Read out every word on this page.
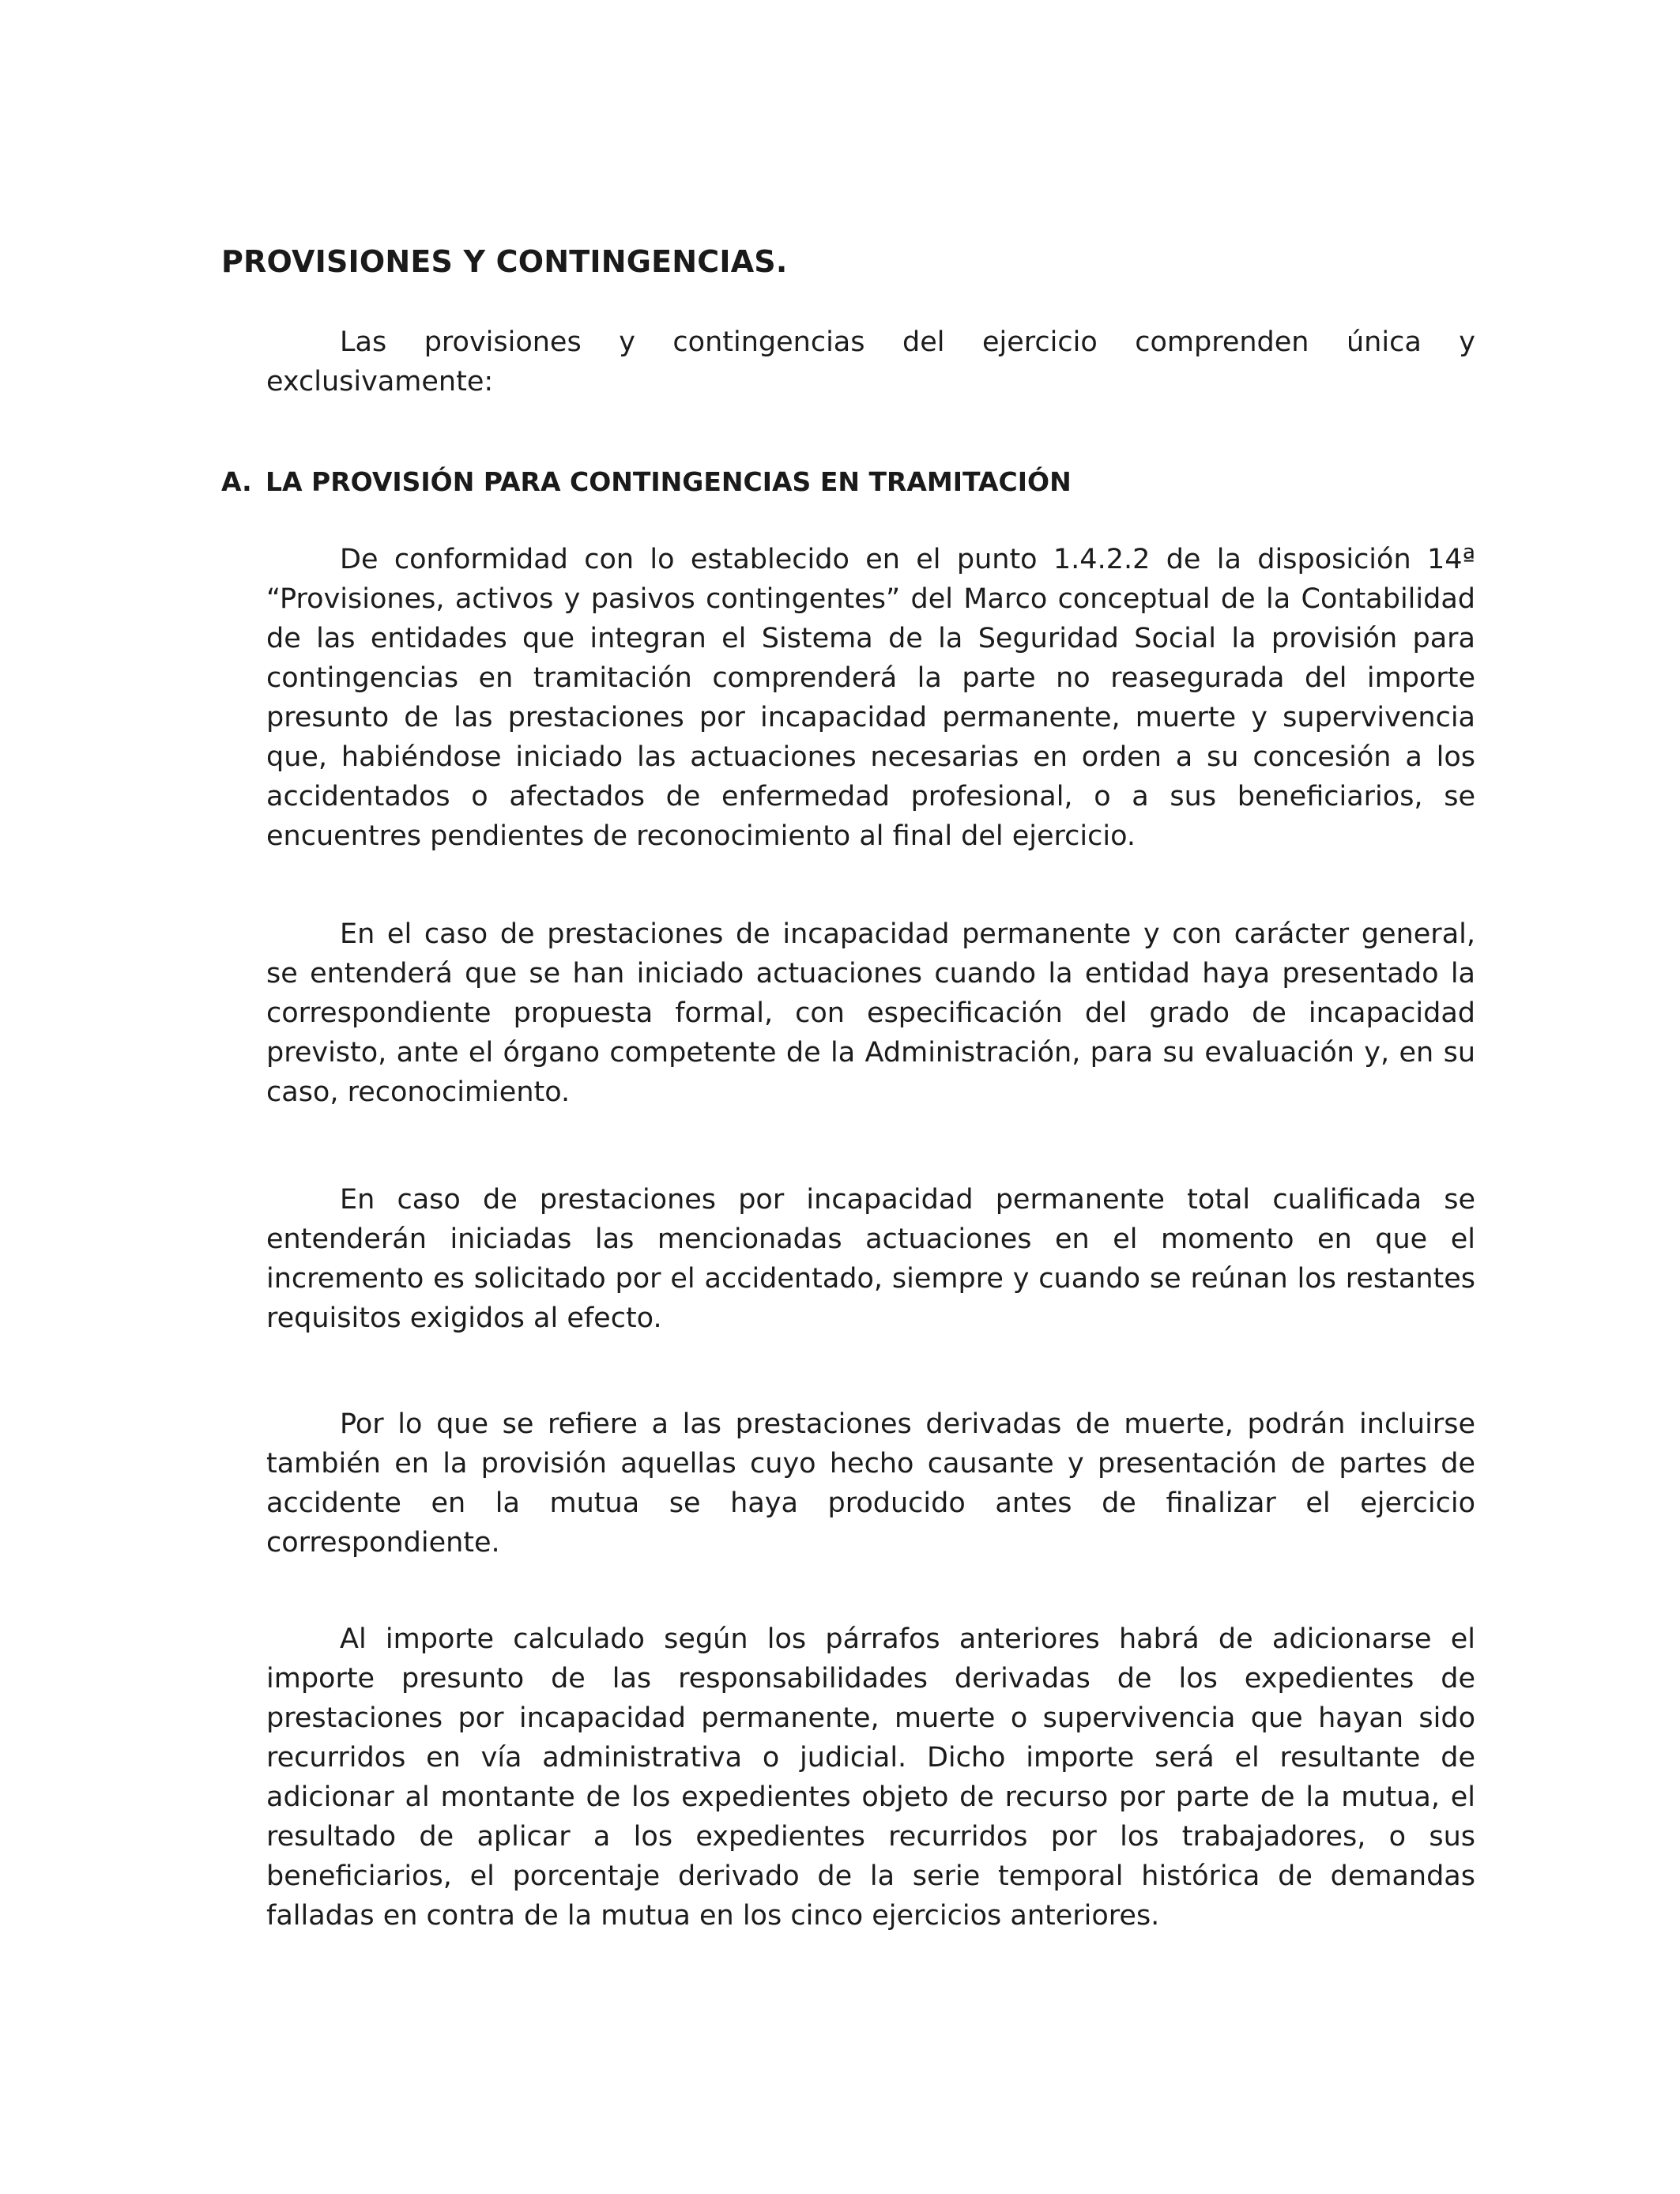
PROVISIONES Y CONTINGENCIAS.

Las provisiones y contingencias del ejercicio comprenden única y exclusivamente:

A. LA PROVISIÓN PARA CONTINGENCIAS EN TRAMITACIÓN

De conformidad con lo establecido en el punto 1.4.2.2 de la disposición 14ª “Provisiones, activos y pasivos contingentes” del Marco conceptual de la Contabilidad de las entidades que integran el Sistema de la Seguridad Social la provisión para contingencias en tramitación comprenderá la parte no reasegurada del importe presunto de las prestaciones por incapacidad permanente, muerte y supervivencia que, habiéndose iniciado las actuaciones necesarias en orden a su concesión a los accidentados o afectados de enfermedad profesional, o a sus beneficiarios, se encuentres pendientes de reconocimiento al final del ejercicio.

En el caso de prestaciones de incapacidad permanente y con carácter general, se entenderá que se han iniciado actuaciones cuando la entidad haya presentado la correspondiente propuesta formal, con especificación del grado de incapacidad previsto, ante el órgano competente de la Administración, para su evaluación y, en su caso, reconocimiento.

En caso de prestaciones por incapacidad permanente total cualificada se entenderán iniciadas las mencionadas actuaciones en el momento en que el incremento es solicitado por el accidentado, siempre y cuando se reúnan los restantes requisitos exigidos al efecto.

Por lo que se refiere a las prestaciones derivadas de muerte, podrán incluirse también en la provisión aquellas cuyo hecho causante y presentación de partes de accidente en la mutua se haya producido antes de finalizar el ejercicio correspondiente.

Al importe calculado según los párrafos anteriores habrá de adicionarse el importe presunto de las responsabilidades derivadas de los expedientes de prestaciones por incapacidad permanente, muerte o supervivencia que hayan sido recurridos en vía administrativa o judicial. Dicho importe será el resultante de adicionar al montante de los expedientes objeto de recurso por parte de la mutua, el resultado de aplicar a los expedientes recurridos por los trabajadores, o sus beneficiarios, el porcentaje derivado de la serie temporal histórica de demandas falladas en contra de la mutua en los cinco ejercicios anteriores.
